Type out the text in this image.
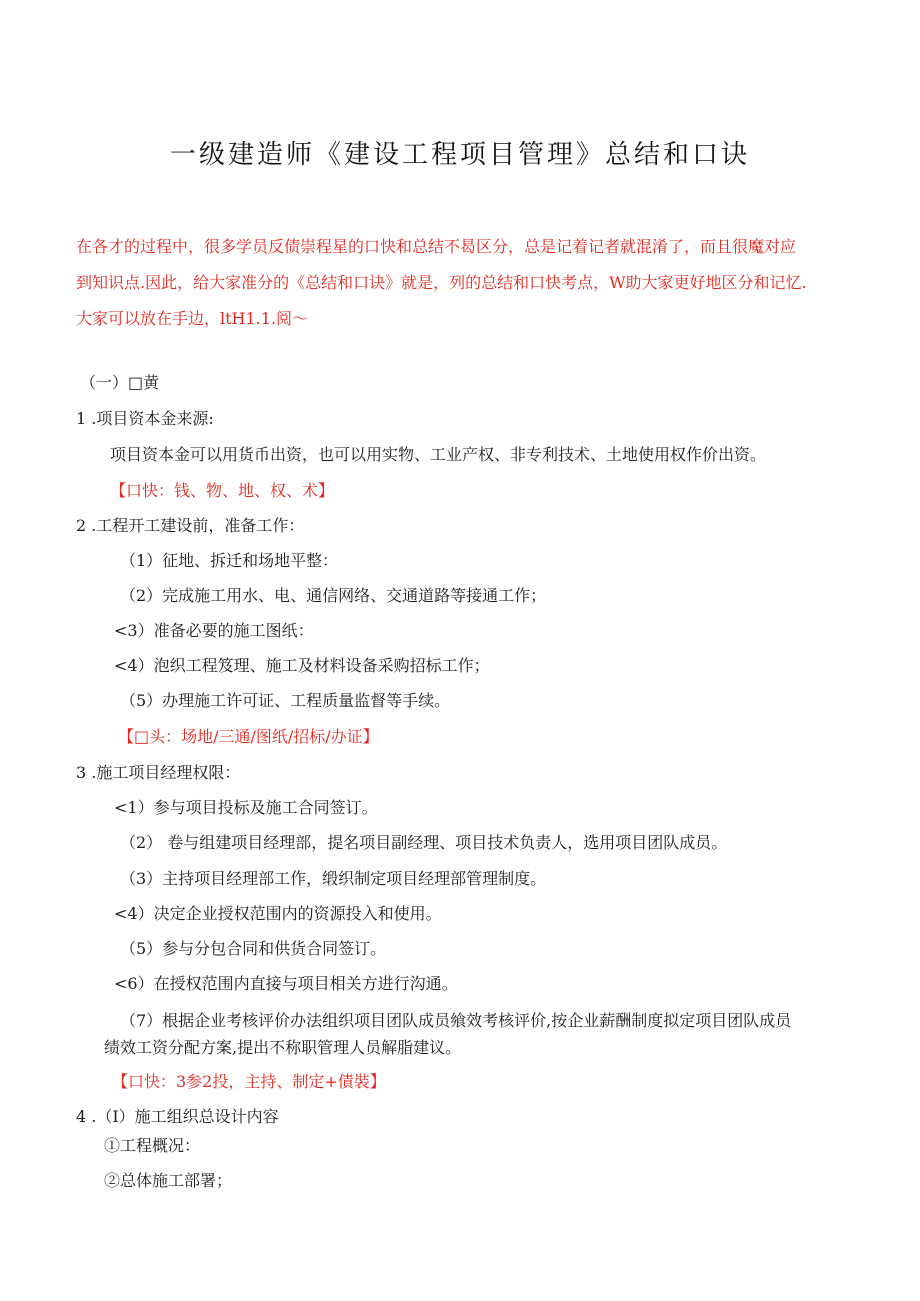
一级建造师《建设工程项目管理》总结和口诀

在各才的过程中，很多学员反债崇程星的口快和总结不曷区分，总是记着记者就混淆了，而且很魔对应

到知识点.因此，给大家准分的《总结和口诀》就是，列的总结和口快考点，W助大家更好地区分和记忆.

大家可以放在手边，ltH1.1.阅～

（一）□黄
1 .项目资本金来源:
项目资本金可以用货币出资，也可以用实物、工业产权、非专利技术、土地使用权作价出资。
【口快：钱、物、地、权、术】
2 .工程开工建设前，准备工作：
（1）征地、拆迁和场地平整：
（2）完成施工用水、电、通信网络、交通道路等接通工作；
<3）准备必要的施工图纸：
<4）泡织工程笈理、施工及材料设备采购招标工作；
（5）办理施工许可证、工程质量监督等手续。
【□头：场地/三通/图纸/招标/办证】
3 .施工项目经理权限：
<1）参与项目投标及施工合同签订。
（2） 卷与组建项目经理部，提名项目副经理、项目技术负责人，选用项目团队成员。
（3）主持项目经理部工作，缎织制定项目经理部管理制度。
<4）决定企业授权范围内的资源投入和使用。
（5）参与分包合同和供货合同签订。
<6）在授权范围内直接与项目相关方进行沟通。
（7）根据企业考核评价办法组织项目团队成员飨效考核评价,按企业薪酬制度拟定项目团队成员
绩效工资分配方案,提出不称职管理人员解脂建议。
【口快：3参2投，主持、制定+債裝】
4 .（I）施工组织总设计内容
①工程概况：
②总体施工部署；
